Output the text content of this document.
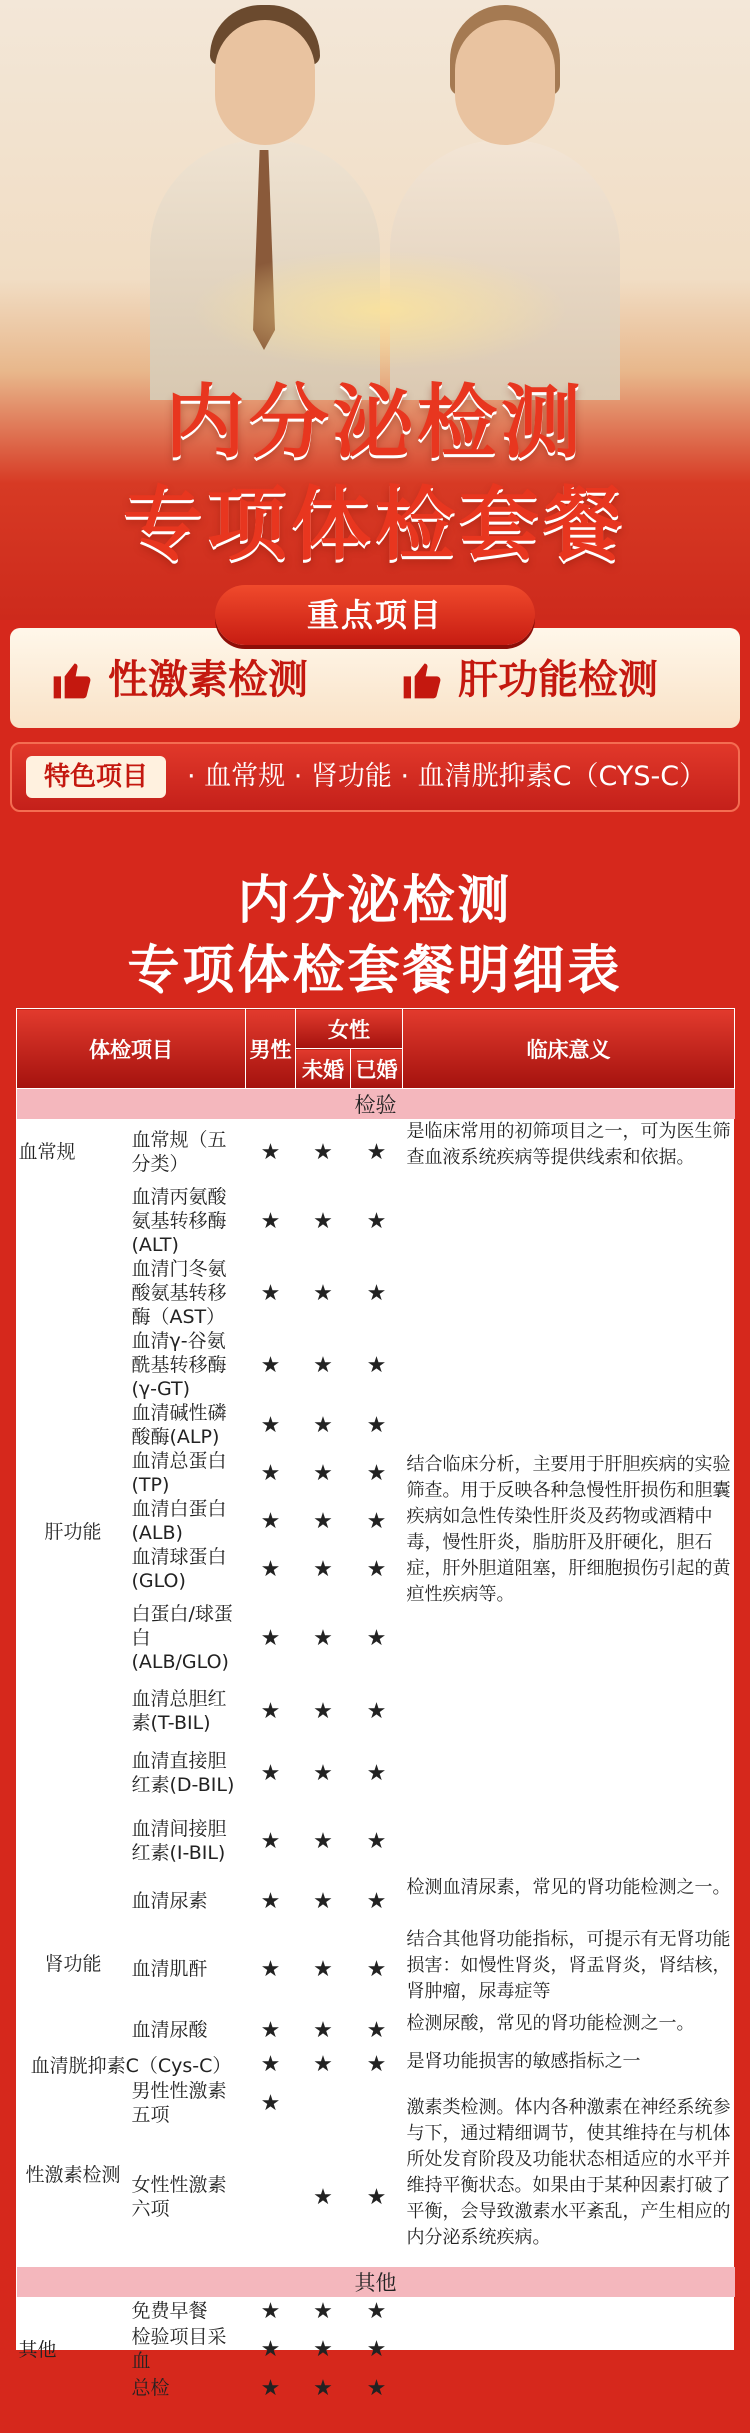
内分泌检测
专项体检套餐
性激素检测	肝功能检测
重点项目
特色项目	· 血常规 · 肾功能 · 血清胱抑素C（CYS-C）
内分泌检测
专项体检套餐明细表
体检项目		男性	女性		临床意义
			未婚	已婚	
检验					
血常规	血常规（五分类）	★	★	★	是临床常用的初筛项目之一，可为医生筛查血液系统疾病等提供线索和依据。
肝功能	血清丙氨酸氨基转移酶(ALT)	★	★	★	结合临床分析，主要用于肝胆疾病的实验筛查。用于反映各种急慢性肝损伤和胆囊疾病如急性传染性肝炎及药物或酒精中毒，慢性肝炎，脂肪肝及肝硬化，胆石症，肝外胆道阻塞，肝细胞损伤引起的黄疸性疾病等。
	血清门冬氨酸氨基转移酶（AST）	★	★	★	
	血清γ-谷氨酰基转移酶(γ-GT)	★	★	★	
	血清碱性磷酸酶(ALP)	★	★	★	
	血清总蛋白(TP)	★	★	★	
	血清白蛋白(ALB)	★	★	★	
	血清球蛋白(GLO)	★	★	★	
	白蛋白/球蛋白(ALB/GLO)	★	★	★	
	血清总胆红素(T-BIL)	★	★	★	
	血清直接胆红素(D-BIL)	★	★	★	
	血清间接胆红素(I-BIL)	★	★	★	
肾功能	血清尿素	★	★	★	检测血清尿素，常见的肾功能检测之一。
	血清肌酐	★	★	★	结合其他肾功能指标，可提示有无肾功能损害：如慢性肾炎，肾盂肾炎，肾结核，肾肿瘤，尿毒症等
	血清尿酸	★	★	★	检测尿酸，常见的肾功能检测之一。
血清胱抑素C（Cys-C）		★	★	★	是肾功能损害的敏感指标之一
性激素检测	男性性激素五项	★			激素类检测。体内各种激素在神经系统参与下，通过精细调节，使其维持在与机体所处发育阶段及功能状态相适应的水平并维持平衡状态。如果由于某种因素打破了平衡，会导致激素水平紊乱，产生相应的内分泌系统疾病。
	女性性激素六项		★	★	
其他					
其他	免费早餐	★	★	★	
	检验项目采血	★	★	★	
	总检	★	★	★	
